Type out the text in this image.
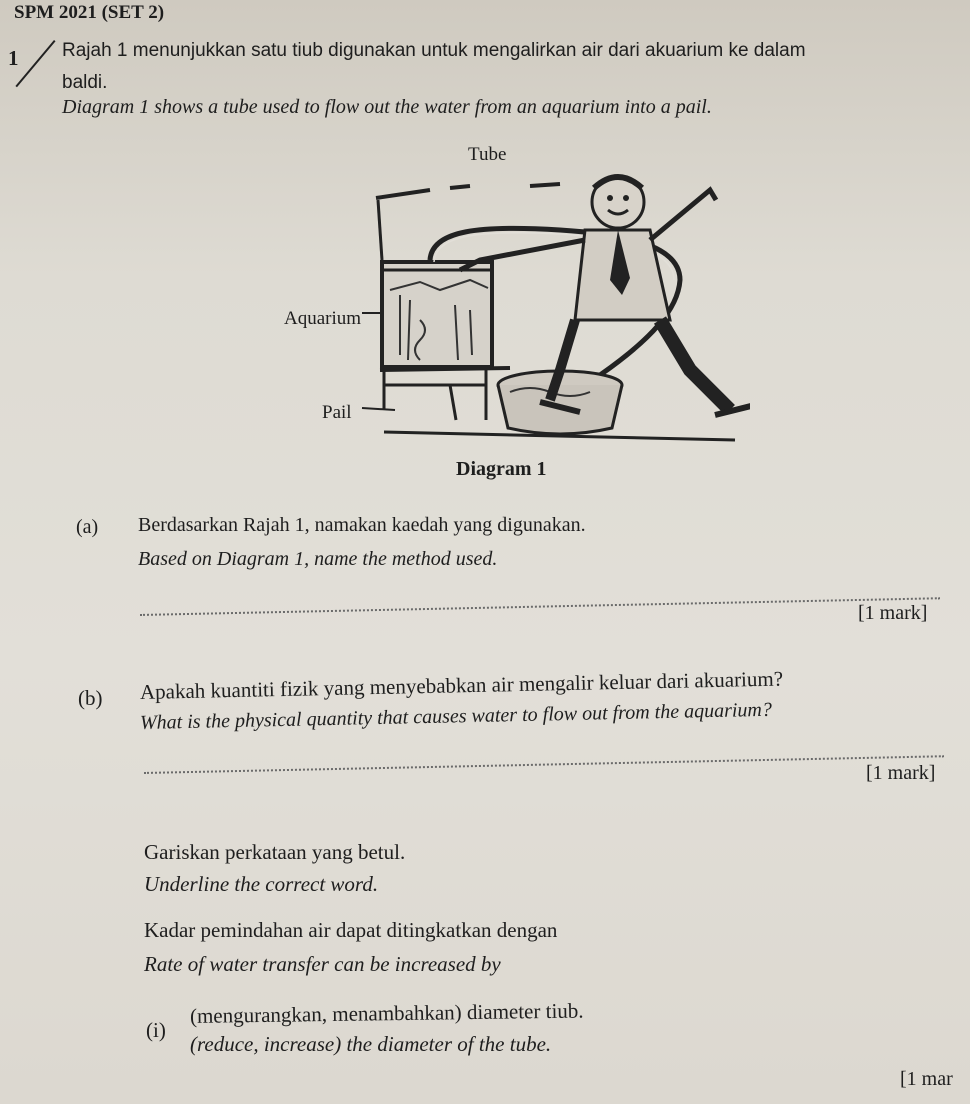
SPM 2021 (SET 2)
1 Rajah 1 menunjukkan satu tiub digunakan untuk mengalirkan air dari akuarium ke dalam
baldi.
Diagram 1 shows a tube used to flow out the water from an aquarium into a pail.
Tube
Aquarium
Pail
Diagram 1
(a) Berdasarkan Rajah 1, namakan kaedah yang digunakan.
Based on Diagram 1, name the method used.
[1 mark]
(b) Apakah kuantiti fizik yang menyebabkan air mengalir keluar dari akuarium?
What is the physical quantity that causes water to flow out from the aquarium?
[1 mark]
Gariskan perkataan yang betul.
Underline the correct word.
Kadar pemindahan air dapat ditingkatkan dengan
Rate of water transfer can be increased by
(i)
(mengurangkan, menambahkan) diameter tiub.
(reduce, increase) the diameter of the tube.
[1 mar
